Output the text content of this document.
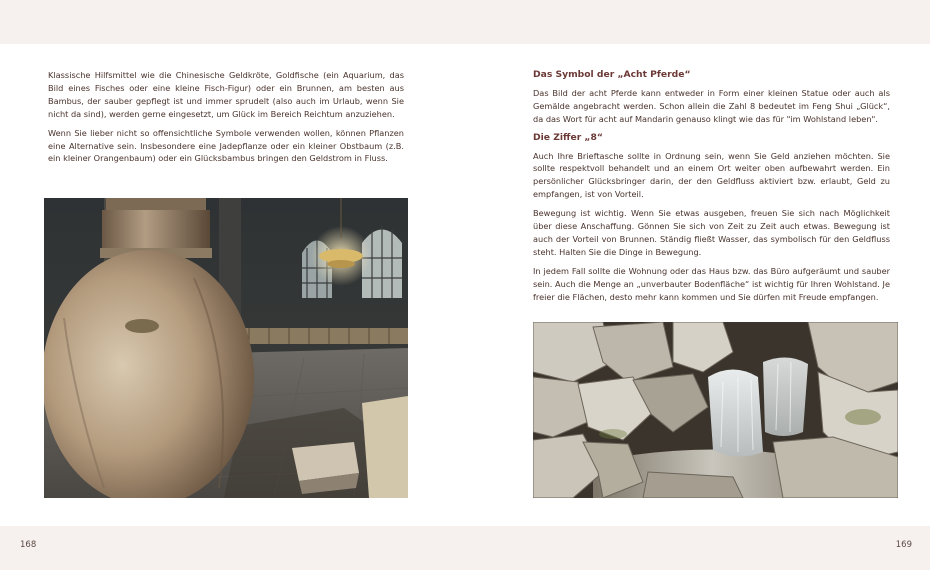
Klassische Hilfsmittel wie die Chinesische Geldkröte, Goldfische (ein Aquarium, das Bild eines Fisches oder eine kleine Fisch-Figur) oder ein Brunnen, am besten aus Bambus, der sauber gepflegt ist und immer sprudelt (also auch im Urlaub, wenn Sie nicht da sind), werden gerne eingesetzt, um Glück im Bereich Reichtum anzuziehen.

Wenn Sie lieber nicht so offensichtliche Symbole verwenden wollen, können Pflanzen eine Alternative sein. Insbesondere eine Jadepflanze oder ein kleiner Obstbaum (z.B. ein kleiner Orangenbaum) oder ein Glücksbambus bringen den Geldstrom in Fluss.

Das Symbol der „Acht Pferde“

Das Bild der acht Pferde kann entweder in Form einer kleinen Statue oder auch als Gemälde angebracht werden. Schon allein die Zahl 8 bedeutet im Feng Shui „Glück“, da das Wort für acht auf Mandarin genauso klingt wie das für "im Wohlstand leben".

Die Ziffer „8“

Auch Ihre Brieftasche sollte in Ordnung sein, wenn Sie Geld anziehen möchten. Sie sollte respektvoll behandelt und an einem Ort weiter oben aufbewahrt werden. Ein persönlicher Glücksbringer darin, der den Geldfluss aktiviert bzw. erlaubt, Geld zu empfangen, ist von Vorteil.

Bewegung ist wichtig. Wenn Sie etwas ausgeben, freuen Sie sich nach Möglichkeit über diese Anschaffung. Gönnen Sie sich von Zeit zu Zeit auch etwas. Bewegung ist auch der Vorteil von Brunnen. Ständig fließt Wasser, das symbolisch für den Geldfluss steht. Halten Sie die Dinge in Bewegung.

In jedem Fall sollte die Wohnung oder das Haus bzw. das Büro aufgeräumt und sauber sein. Auch die Menge an „unverbauter Bodenfläche“ ist wichtig für Ihren Wohlstand. Je freier die Flächen, desto mehr kann kommen und Sie dürfen mit Freude empfangen.

168	169
